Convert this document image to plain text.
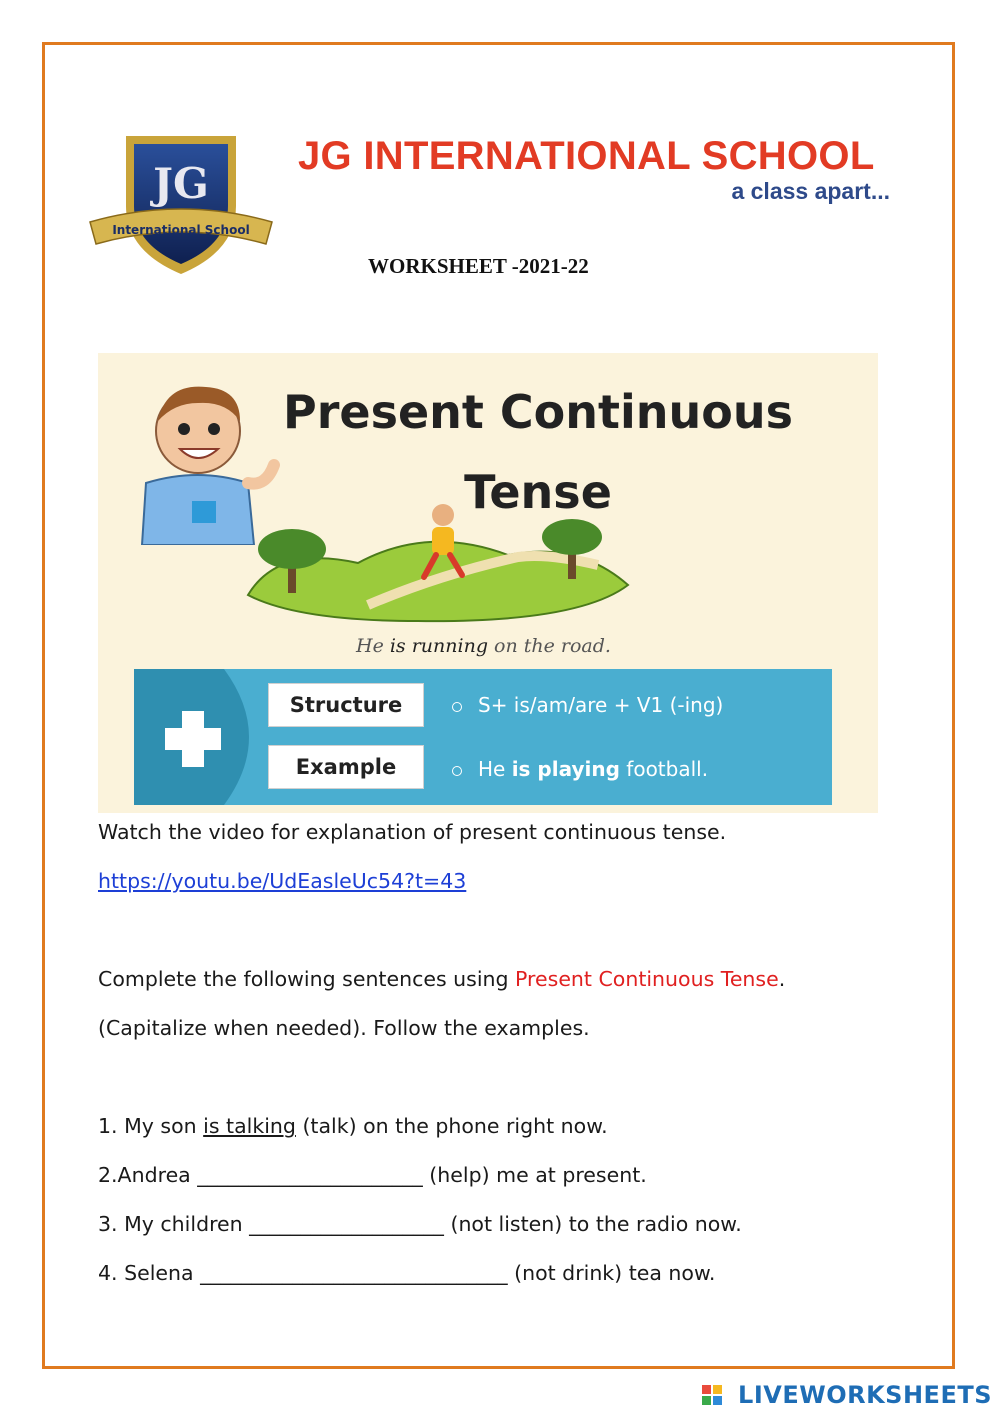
JG
International School
JG INTERNATIONAL SCHOOL
a class apart...
WORKSHEET -2021-22
Present Continuous
Tense
He is running on the road.
Structure
Example
S+ is/am/are + V1 (-ing)
He is playing football.
Watch the video for explanation of present continuous tense.
https://youtu.be/UdEasleUc54?t=43
Complete the following sentences using Present Continuous Tense.
(Capitalize when needed). Follow the examples.
1. My son is talking (talk) on the phone right now.
2.Andrea ______________________ (help) me at present.
3. My children ___________________ (not listen) to the radio now.
4. Selena ______________________________ (not drink) tea now.
LIVEWORKSHEETS
